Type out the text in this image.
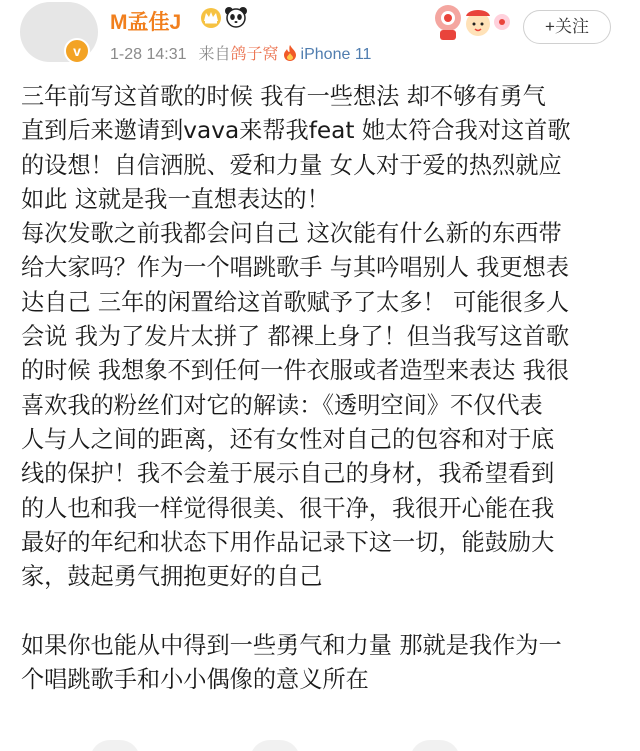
v
M孟佳J
1-28 14:31 来自鸽子窝 iPhone 11
+关注
三年前写这首歌的时候 我有一些想法 却不够有勇气
直到后来邀请到vava来帮我feat 她太符合我对这首歌
的设想！自信洒脱、爱和力量 女人对于爱的热烈就应
如此 这就是我一直想表达的！
每次发歌之前我都会问自己 这次能有什么新的东西带
给大家吗？作为一个唱跳歌手 与其吟唱别人 我更想表
达自己 三年的闲置给这首歌赋予了太多！ 可能很多人
会说 我为了发片太拼了 都裸上身了！但当我写这首歌
的时候 我想象不到任何一件衣服或者造型来表达 我很
喜欢我的粉丝们对它的解读：《透明空间》不仅代表
人与人之间的距离，还有女性对自己的包容和对于底
线的保护！我不会羞于展示自己的身材，我希望看到
的人也和我一样觉得很美、很干净，我很开心能在我
最好的年纪和状态下用作品记录下这一切，能鼓励大
家，鼓起勇气拥抱更好的自己
如果你也能从中得到一些勇气和力量 那就是我作为一
个唱跳歌手和小小偶像的意义所在
